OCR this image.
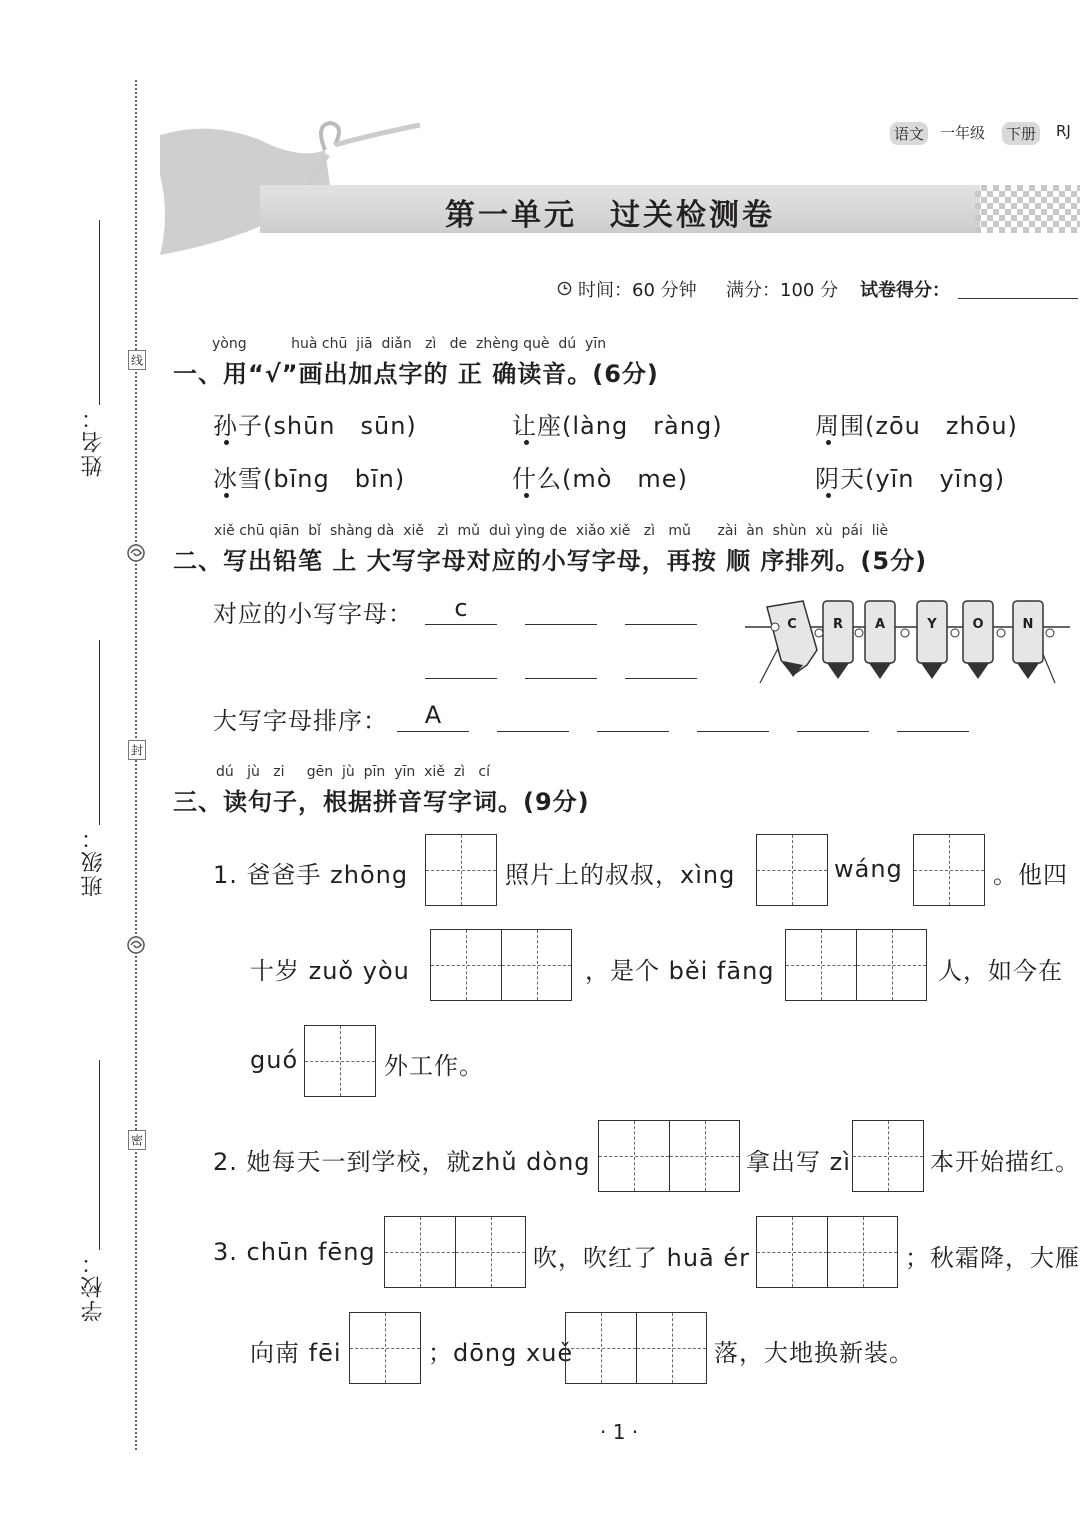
姓名：
班级：
学校：
线
封
密
语文 一年级 下册 RJ
第一单元　过关检测卷
时间：60 分钟 满分：100 分 试卷得分：
yòng          huà chū  jiā  diǎn   zì   de  zhèng què  dú  yīn
一、用“√”画出加点字的 正 确读音。(6分)
孙子(shūn　sūn)	让座(làng　ràng)	周围(zōu　zhōu)
冰雪(bīng　bīn)	什么(mò　me)	阴天(yīn　yīng)
xiě chū qiān  bǐ  shàng dà  xiě   zì  mǔ  duì yìng de  xiǎo xiě   zì   mǔ      zài  àn  shùn  xù  pái  liè
二、写出铅笔 上 大写字母对应的小写字母，再按 顺 序排列。(5分)
对应的小写字母：	c
C	R A	Y	O	N
大写字母排序：	A
dú   jù   zi     gēn  jù  pīn  yīn  xiě  zì   cí
三、读句子，根据拼音写字词。(9分)
1. 爸爸手 zhōng	照片上的叔叔，xìng	wáng	。他四
十岁 zuǒ yòu	，是个 běi fāng	人，如今在
guó	外工作。
2. 她每天一到学校，就zhǔ dòng	拿出写 zì	本开始描红。
3. chūn fēng	吹，吹红了 huā ér	；秋霜降，大雁
向南 fēi	；dōng xuě	落，大地换新装。
· 1 ·
